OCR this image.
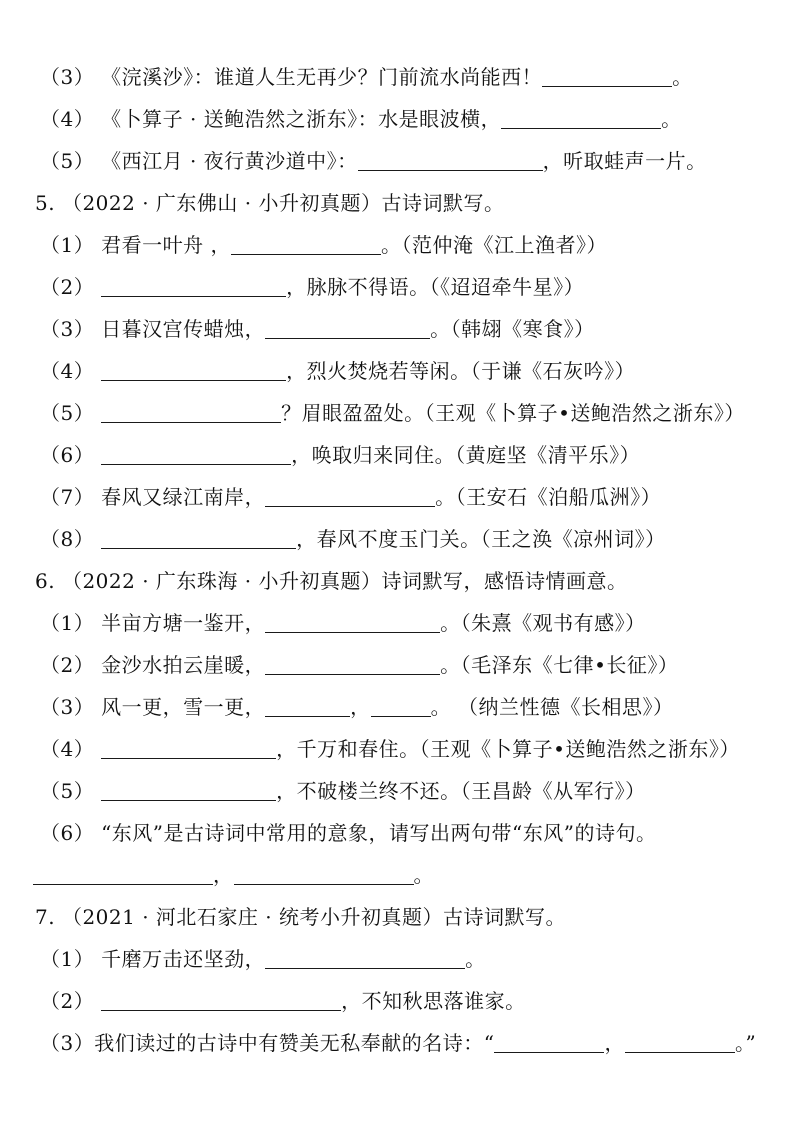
（3） 《浣溪沙》：谁道人生无再少？门前流水尚能西！	。
（4） 《卜算子 · 送鲍浩然之浙东》：水是眼波横，	。
（5） 《西江月 · 夜行黄沙道中》：	，听取蛙声一片。
5. （2022 · 广东佛山 · 小升初真题）古诗词默写。
（1） 君看一叶舟 ，	。（范仲淹《江上渔者》）
（2）	，脉脉不得语。（《迢迢牵牛星》）
（3） 日暮汉宫传蜡烛，	。（韩翃《寒食》）
（4）	，烈火焚烧若等闲。（于谦《石灰吟》）
（5）	？眉眼盈盈处。（王观《卜算子•送鲍浩然之浙东》）
（6）	，唤取归来同住。（黄庭坚《清平乐》）
（7） 春风又绿江南岸，	。（王安石《泊船瓜洲》）
（8）	，春风不度玉门关。（王之涣《凉州词》）
6. （2022 · 广东珠海 · 小升初真题）诗词默写，感悟诗情画意。
（1） 半亩方塘一鉴开，	。（朱熹《观书有感》）
（2） 金沙水拍云崖暖，	。（毛泽东《七律•长征》）
（3） 风一更，雪一更，	，	。 （纳兰性德《长相思》）
（4）	，千万和春住。（王观《卜算子•送鲍浩然之浙东》）
（5）	，不破楼兰终不还。（王昌龄《从军行》）
（6） “东风”是古诗词中常用的意象，请写出两句带“东风”的诗句。
，	。
7. （2021 · 河北石家庄 · 统考小升初真题）古诗词默写。
（1） 千磨万击还坚劲，	。
（2）	，不知秋思落谁家。
（3）我们读过的古诗中有赞美无私奉献的名诗：“	，	。”
